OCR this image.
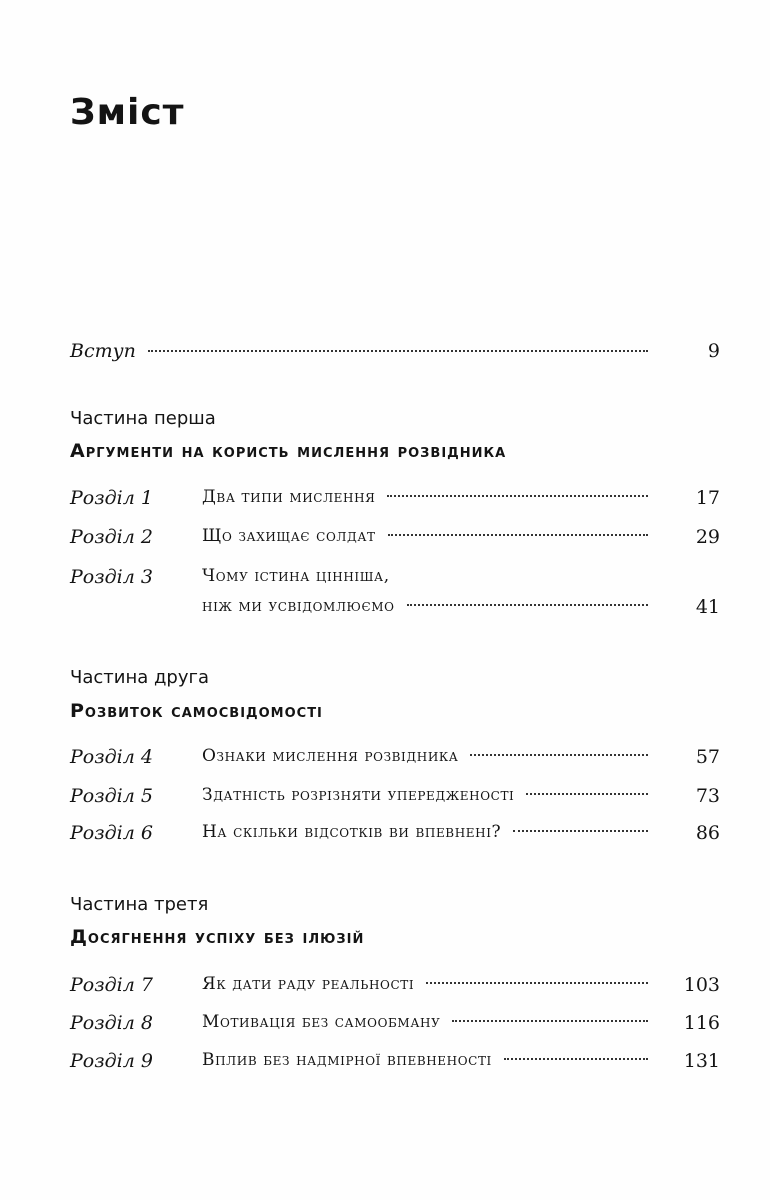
Зміст
Вступ	9
Частина перша
Аргументи на користь мислення розвідника
Розділ 1	Два типи мислення	17
Розділ 2	Що захищає солдат	29
Розділ 3	Чому істина цінніша,
ніж ми усвідомлюємо	41
Частина друга
Розвиток самосвідомості
Розділ 4	Ознаки мислення розвідника	57
Розділ 5	Здатність розрізняти упередженості	73
Розділ 6	На скільки відсотків ви впевнені?	86
Частина третя
Досягнення успіху без ілюзій
Розділ 7	Як дати раду реальності	103
Розділ 8	Мотивація без самообману	116
Розділ 9	Вплив без надмірної впевненості	131
